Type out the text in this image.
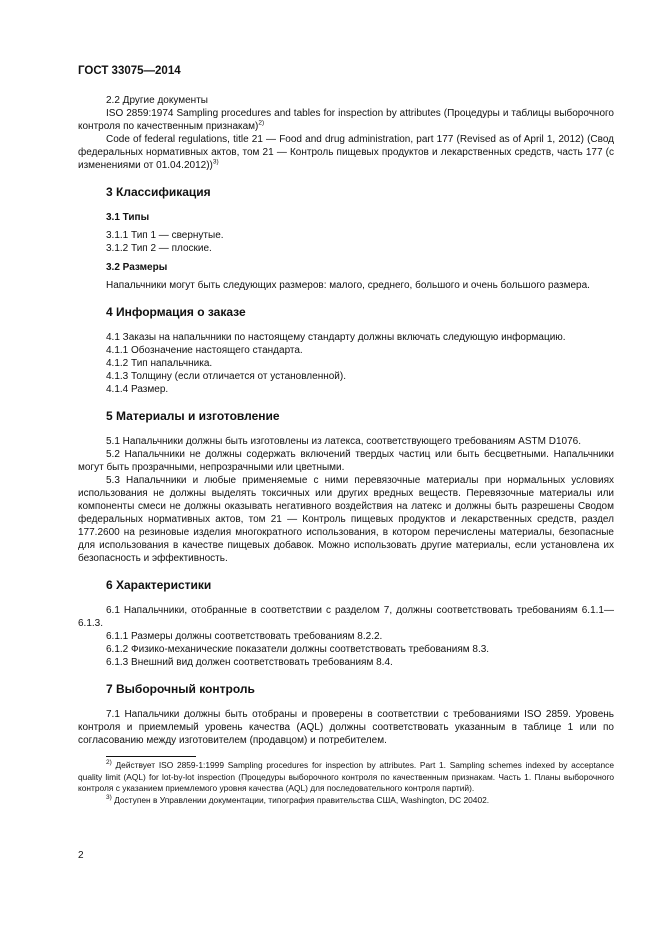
ГОСТ 33075—2014

2.2 Другие документы

ISO 2859:1974 Sampling procedures and tables for inspection by attributes (Процедуры и таблицы выборочного контроля по качественным признакам)$^{2)}$

Code of federal regulations, title 21 — Food and drug administration, part 177 (Revised as of April 1, 2012) (Свод федеральных нормативных актов, том 21 — Контроль пищевых продуктов и лекарственных средств, часть 177 (с изменениями от 01.04.2012))$^{3)}$

3 Классификация

3.1 Типы

3.1.1 Тип 1 — свернутые.

3.1.2 Тип 2 — плоские.

3.2 Размеры

Напальчники могут быть следующих размеров: малого, среднего, большого и очень большого размера.

4 Информация о заказе

4.1 Заказы на напальчники по настоящему стандарту должны включать следующую информацию.

4.1.1 Обозначение настоящего стандарта.

4.1.2 Тип напальчника.

4.1.3 Толщину (если отличается от установленной).

4.1.4 Размер.

5 Материалы и изготовление

5.1 Напальчники должны быть изготовлены из латекса, соответствующего требованиям ASTM D1076.

5.2 Напальчники не должны содержать включений твердых частиц или быть бесцветными. Напальчники могут быть прозрачными, непрозрачными или цветными.

5.3 Напальчники и любые применяемые с ними перевязочные материалы при нормальных условиях использования не должны выделять токсичных или других вредных веществ. Перевязочные материалы или компоненты смеси не должны оказывать негативного воздействия на латекс и должны быть разрешены Сводом федеральных нормативных актов, том 21 — Контроль пищевых продуктов и лекарственных средств, раздел 177.2600 на резиновые изделия многократного использования, в котором перечислены материалы, безопасные для использования в качестве пищевых добавок. Можно использовать другие материалы, если установлена их безопасность и эффективность.

6 Характеристики

6.1 Напальчники, отобранные в соответствии с разделом 7, должны соответствовать требованиям 6.1.1—6.1.3.

6.1.1 Размеры должны соответствовать требованиям 8.2.2.

6.1.2 Физико-механические показатели должны соответствовать требованиям 8.3.

6.1.3 Внешний вид должен соответствовать требованиям 8.4.

7 Выборочный контроль

7.1 Напальчики должны быть отобраны и проверены в соответствии с требованиями ISO 2859. Уровень контроля и приемлемый уровень качества (AQL) должны соответствовать указанным в таблице 1 или по согласованию между изготовителем (продавцом) и потребителем.

$^{2)}$ Действует ISO 2859-1:1999 Sampling procedures for inspection by attributes. Part 1. Sampling schemes indexed by acceptance quality limit (AQL) for lot-by-lot inspection (Процедуры выборочного контроля по качественным признакам. Часть 1. Планы выборочного контроля с указанием приемлемого уровня качества (AQL) для последовательного контроля партий).

$^{3)}$ Доступен в Управлении документации, типография правительства США, Washington, DC 20402.

2
